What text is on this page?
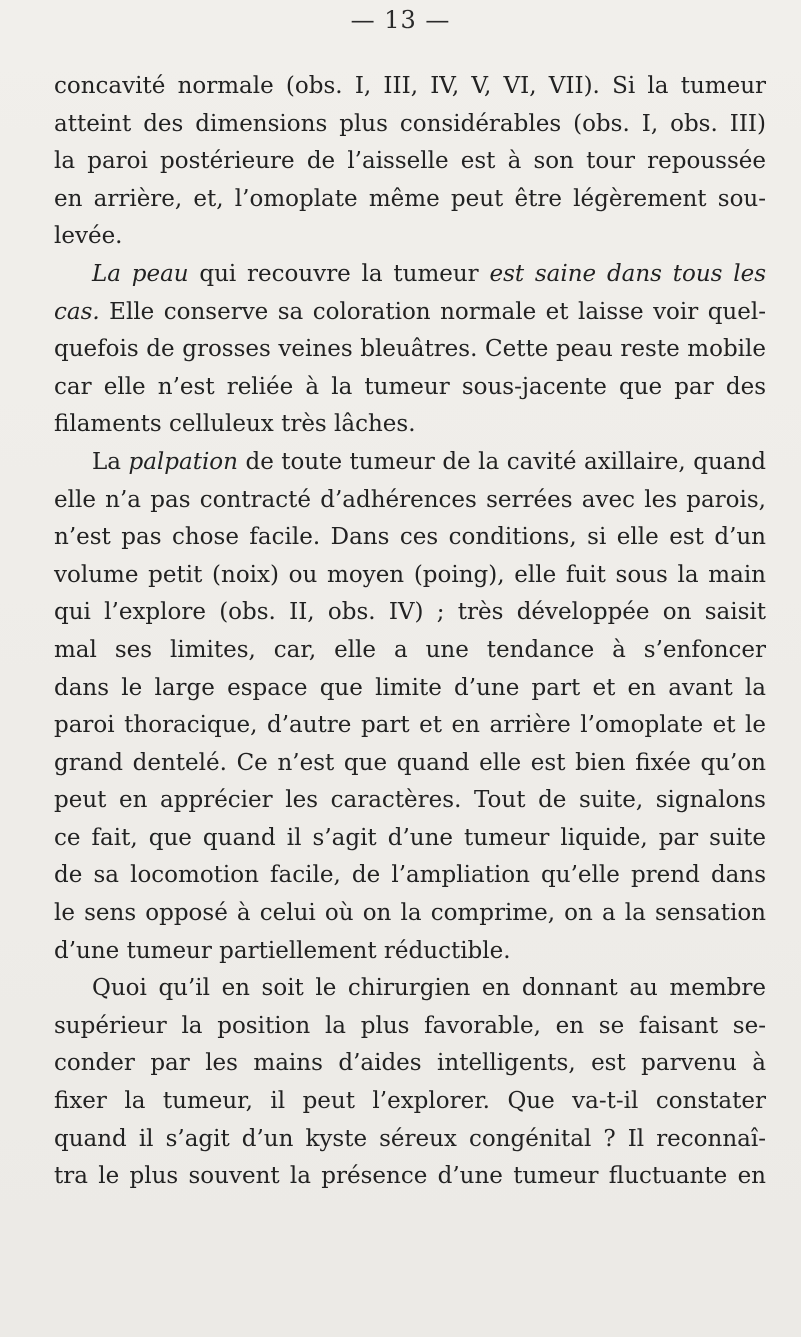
— 13 —
concavité normale (obs. I, III, IV, V, VI, VII). Si la tumeur
atteint des dimensions plus considérables (obs. I, obs. III)
la paroi postérieure de l’aisselle est à son tour repoussée
en arrière, et, l’omoplate même peut être légèrement sou-
levée.
La peau qui recouvre la tumeur est saine dans tous les
cas. Elle conserve sa coloration normale et laisse voir quel-
quefois de grosses veines bleuâtres. Cette peau reste mobile
car elle n’est reliée à la tumeur sous-jacente que par des
filaments celluleux très lâches.
La palpation de toute tumeur de la cavité axillaire, quand
elle n’a pas contracté d’adhérences serrées avec les parois,
n’est pas chose facile. Dans ces conditions, si elle est d’un
volume petit (noix) ou moyen (poing), elle fuit sous la main
qui l’explore (obs. II, obs. IV) ; très développée on saisit
mal ses limites, car, elle a une tendance à s’enfoncer
dans le large espace que limite d’une part et en avant la
paroi thoracique, d’autre part et en arrière l’omoplate et le
grand dentelé. Ce n’est que quand elle est bien fixée qu’on
peut en apprécier les caractères. Tout de suite, signalons
ce fait, que quand il s’agit d’une tumeur liquide, par suite
de sa locomotion facile, de l’ampliation qu’elle prend dans
le sens opposé à celui où on la comprime, on a la sensation
d’une tumeur partiellement réductible.
Quoi qu’il en soit le chirurgien en donnant au membre
supérieur la position la plus favorable, en se faisant se-
conder par les mains d’aides intelligents, est parvenu à
fixer la tumeur, il peut l’explorer. Que va-t-il constater
quand il s’agit d’un kyste séreux congénital ? Il reconnaî-
tra le plus souvent la présence d’une tumeur fluctuante en
